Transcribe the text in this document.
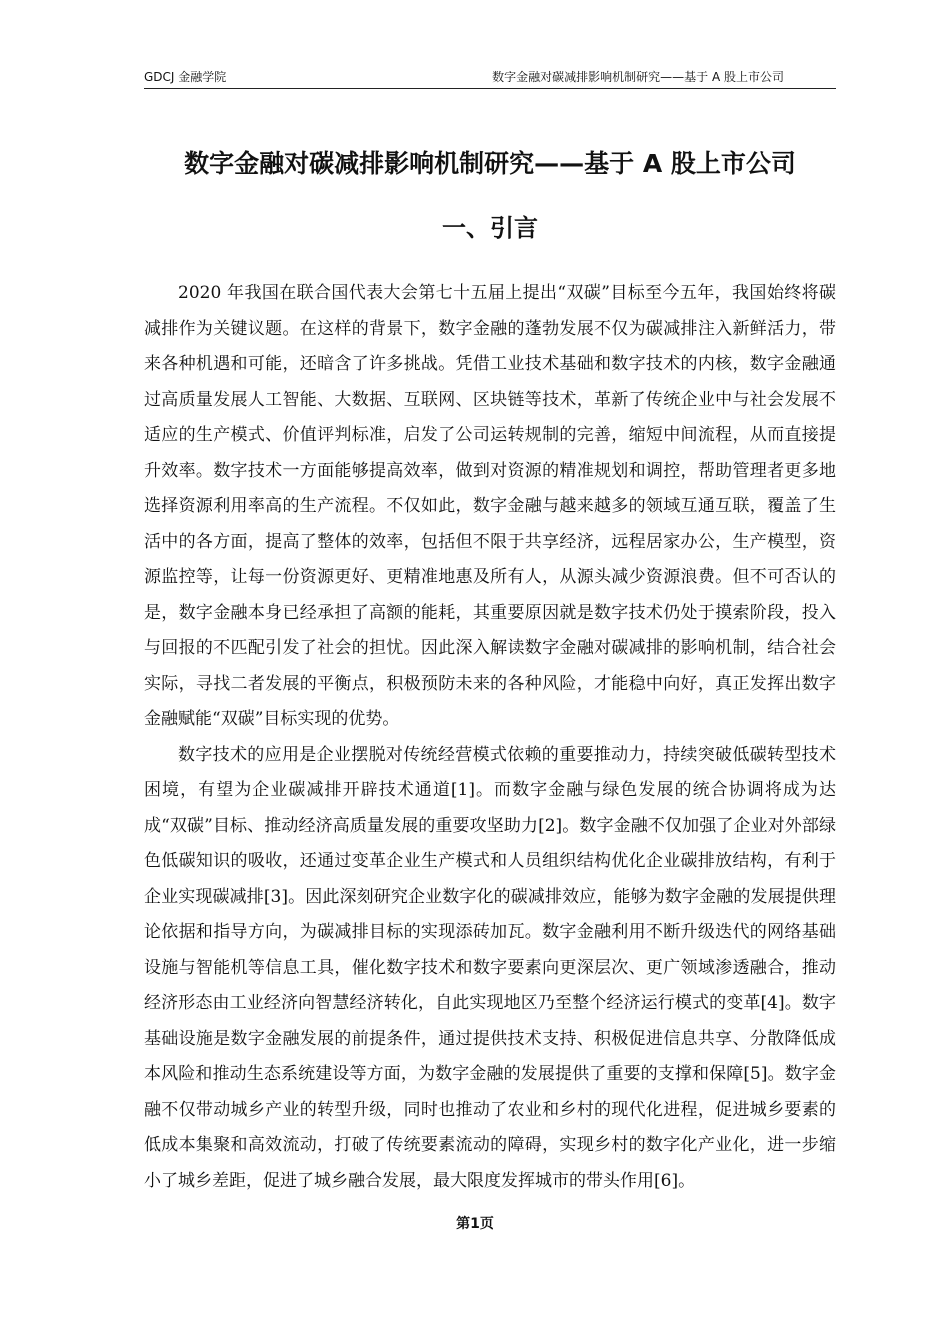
GDCJ 金融学院	数字金融对碳减排影响机制研究——基于 A 股上市公司
数字金融对碳减排影响机制研究——基于 A 股上市公司
一、引言

2020 年我国在联合国代表大会第七十五届上提出“双碳”目标至今五年，我国始终将碳减排作为关键议题。在这样的背景下，数字金融的蓬勃发展不仅为碳减排注入新鲜活力，带来各种机遇和可能，还暗含了许多挑战。凭借工业技术基础和数字技术的内核，数字金融通过高质量发展人工智能、大数据、互联网、区块链等技术，革新了传统企业中与社会发展不适应的生产模式、价值评判标准，启发了公司运转规制的完善，缩短中间流程，从而直接提升效率。数字技术一方面能够提高效率，做到对资源的精准规划和调控，帮助管理者更多地选择资源利用率高的生产流程。不仅如此，数字金融与越来越多的领域互通互联，覆盖了生活中的各方面，提高了整体的效率，包括但不限于共享经济，远程居家办公，生产模型，资源监控等，让每一份资源更好、更精准地惠及所有人，从源头减少资源浪费。但不可否认的是，数字金融本身已经承担了高额的能耗，其重要原因就是数字技术仍处于摸索阶段，投入与回报的不匹配引发了社会的担忧。因此深入解读数字金融对碳减排的影响机制，结合社会实际，寻找二者发展的平衡点，积极预防未来的各种风险，才能稳中向好，真正发挥出数字金融赋能“双碳”目标实现的优势。

数字技术的应用是企业摆脱对传统经营模式依赖的重要推动力，持续突破低碳转型技术困境，有望为企业碳减排开辟技术通道[1]。而数字金融与绿色发展的统合协调将成为达成“双碳”目标、推动经济高质量发展的重要攻坚助力[2]。数字金融不仅加强了企业对外部绿色低碳知识的吸收，还通过变革企业生产模式和人员组织结构优化企业碳排放结构，有利于企业实现碳减排[3]。因此深刻研究企业数字化的碳减排效应，能够为数字金融的发展提供理论依据和指导方向，为碳减排目标的实现添砖加瓦。数字金融利用不断升级迭代的网络基础设施与智能机等信息工具，催化数字技术和数字要素向更深层次、更广领域渗透融合，推动经济形态由工业经济向智慧经济转化，自此实现地区乃至整个经济运行模式的变革[4]。数字基础设施是数字金融发展的前提条件，通过提供技术支持、积极促进信息共享、分散降低成本风险和推动生态系统建设等方面，为数字金融的发展提供了重要的支撑和保障[5]。数字金融不仅带动城乡产业的转型升级，同时也推动了农业和乡村的现代化进程，促进城乡要素的低成本集聚和高效流动，打破了传统要素流动的障碍，实现乡村的数字化产业化，进一步缩小了城乡差距，促进了城乡融合发展，最大限度发挥城市的带头作用[6]。

第1页
